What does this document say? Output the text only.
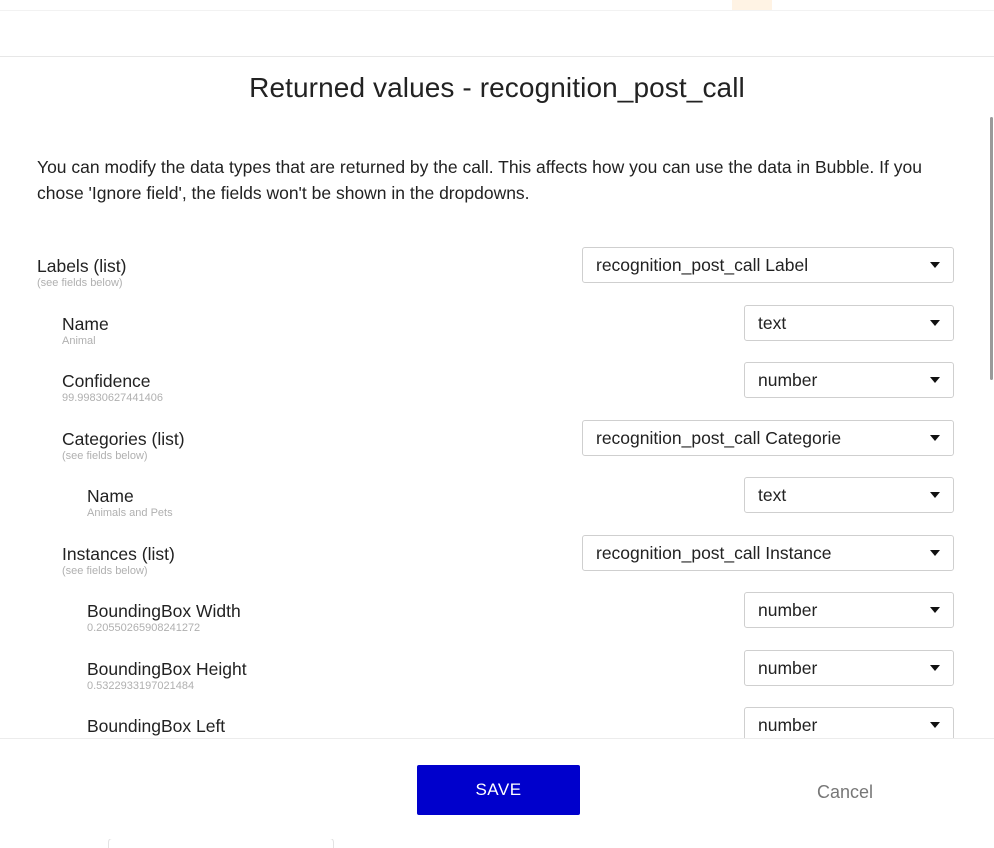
Returned values - recognition_post_call
You can modify the data types that are returned by the call. This affects how you can use the data in Bubble. If you chose 'Ignore field', the fields won't be shown in the dropdowns.
Labels (list)
(see fields below)
recognition_post_call Label
Name
Animal
text
Confidence
99.99830627441406
number
Categories (list)
(see fields below)
recognition_post_call Categorie
Name
Animals and Pets
text
Instances (list)
(see fields below)
recognition_post_call Instance
BoundingBox Width
0.20550265908241272
number
BoundingBox Height
0.5322933197021484
number
BoundingBox Left	number
SAVE	Cancel
